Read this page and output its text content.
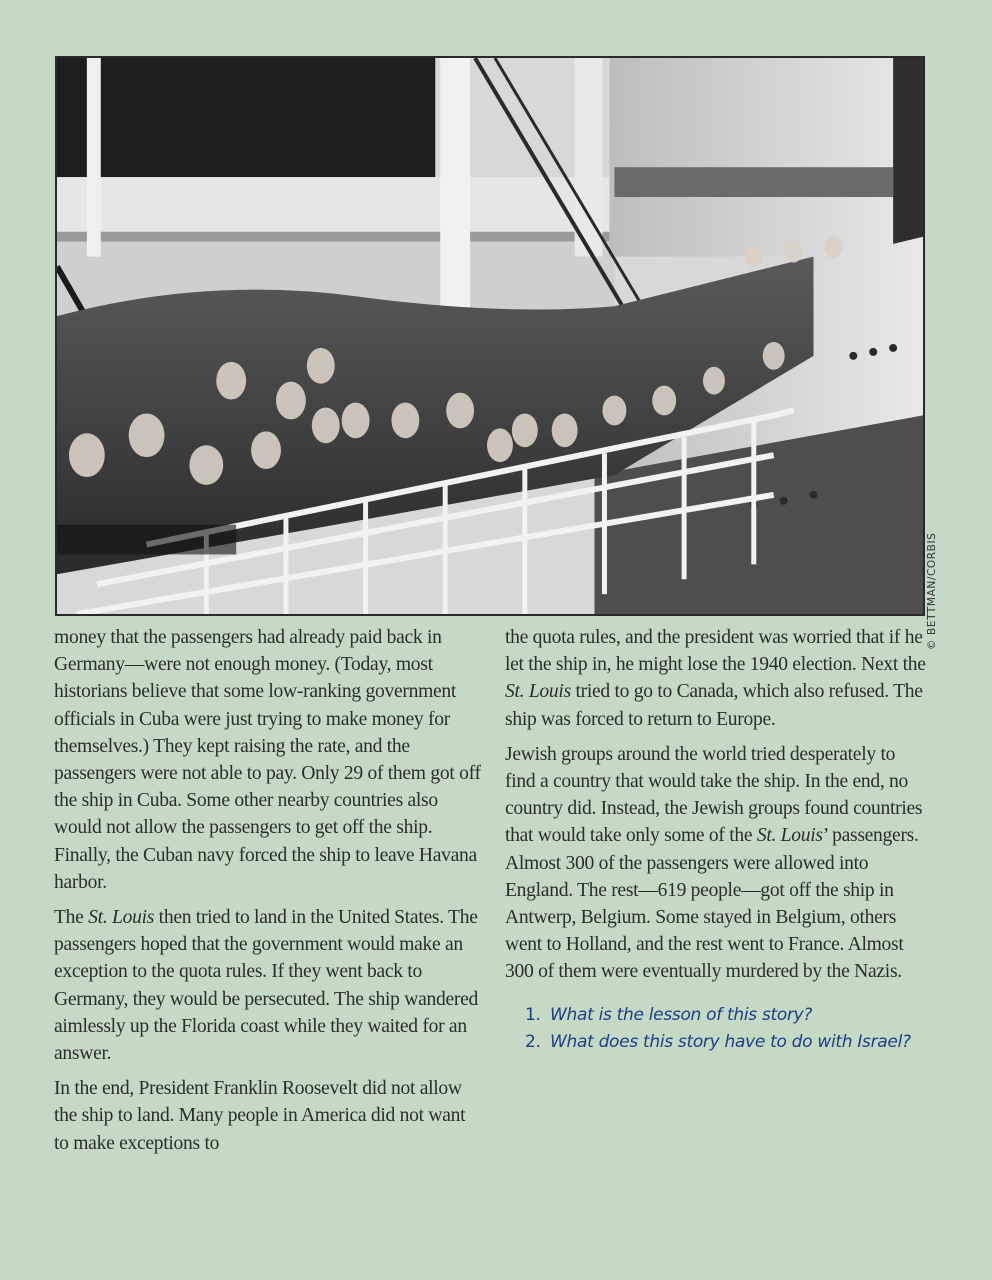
© BETTMAN/CORBIS

money that the passengers had already paid back in Germany—were not enough money. (Today, most historians believe that some low-ranking government officials in Cuba were just trying to make money for themselves.) They kept raising the rate, and the passengers were not able to pay. Only 29 of them got off the ship in Cuba. Some other nearby countries also would not allow the passengers to get off the ship. Finally, the Cuban navy forced the ship to leave Havana harbor.

The St. Louis then tried to land in the United States. The passengers hoped that the government would make an exception to the quota rules. If they went back to Germany, they would be persecuted. The ship wandered aimlessly up the Florida coast while they waited for an answer.

In the end, President Franklin Roosevelt did not allow the ship to land. Many people in America did not want to make exceptions to

the quota rules, and the president was worried that if he let the ship in, he might lose the 1940 election. Next the St. Louis tried to go to Canada, which also refused. The ship was forced to return to Europe.

Jewish groups around the world tried desperately to find a country that would take the ship. In the end, no country did. Instead, the Jewish groups found countries that would take only some of the St. Louis’ passengers. Almost 300 of the passengers were allowed into England. The rest—619 people—got off the ship in Antwerp, Belgium. Some stayed in Belgium, others went to Holland, and the rest went to France. Almost 300 of them were eventually murdered by the Nazis.

1. What is the lesson of this story?
2. What does this story have to do with Israel?
